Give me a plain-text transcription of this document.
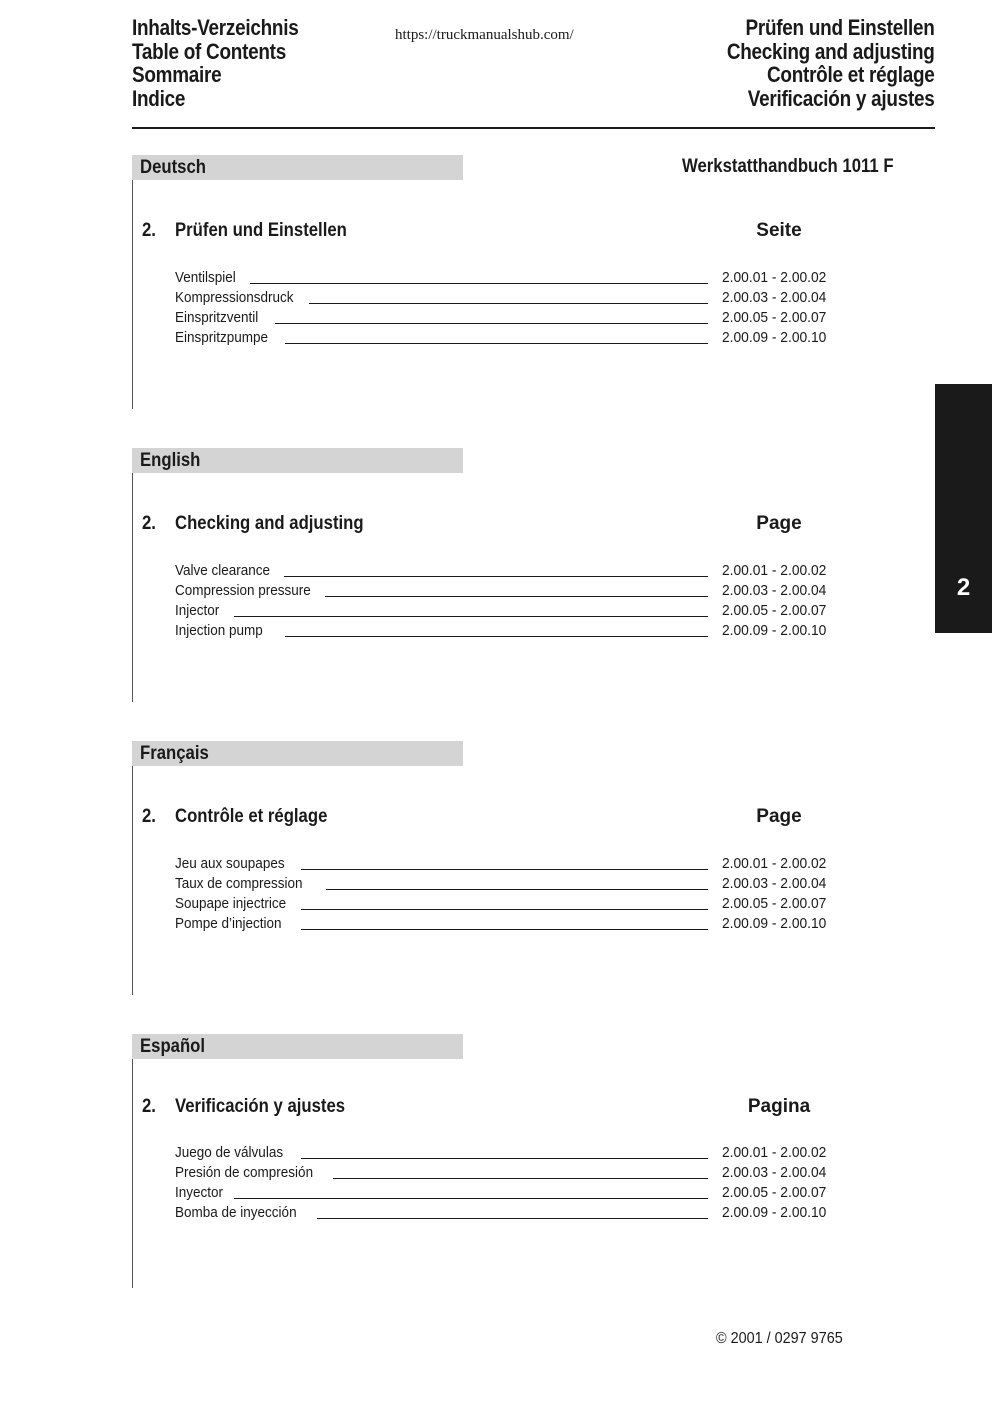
Inhalts-Verzeichnis
Table of Contents
Sommaire
Indice
https://truckmanualshub.com/	Prüfen und Einstellen
Checking and adjusting
Contrôle et réglage
Verificación y ajustes
Werkstatthandbuch 1011 F
Deutsch
2. Prüfen und Einstellen	Seite
Ventilspiel	2.00.01 - 2.00.02
Kompressionsdruck	2.00.03 - 2.00.04
Einspritzventil	2.00.05 - 2.00.07
Einspritzpumpe	2.00.09 - 2.00.10
English
2. Checking and adjusting	Page
Valve clearance	2.00.01 - 2.00.02
Compression pressure	2.00.03 - 2.00.04
Injector	2.00.05 - 2.00.07
Injection pump	2.00.09 - 2.00.10
Français
2. Contrôle et réglage	Page
Jeu aux soupapes	2.00.01 - 2.00.02
Taux de compression	2.00.03 - 2.00.04
Soupape injectrice	2.00.05 - 2.00.07
Pompe d’injection	2.00.09 - 2.00.10
Español
2. Verificación y ajustes	Pagina
Juego de válvulas	2.00.01 - 2.00.02
Presión de compresión	2.00.03 - 2.00.04
Inyector	2.00.05 - 2.00.07
Bomba de inyección	2.00.09 - 2.00.10
2
© 2001 / 0297 9765
